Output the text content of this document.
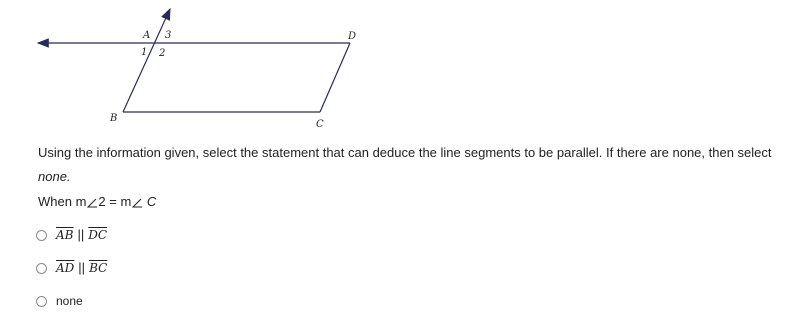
A 3
1 2
D
B
C
Using the information given, select the statement that can deduce the line segments to be parallel. If there are none, then select none.
When m 2 = m C
$\overline{AB}$ || $\overline{DC}$
$\overline{AD}$ || $\overline{BC}$
none
